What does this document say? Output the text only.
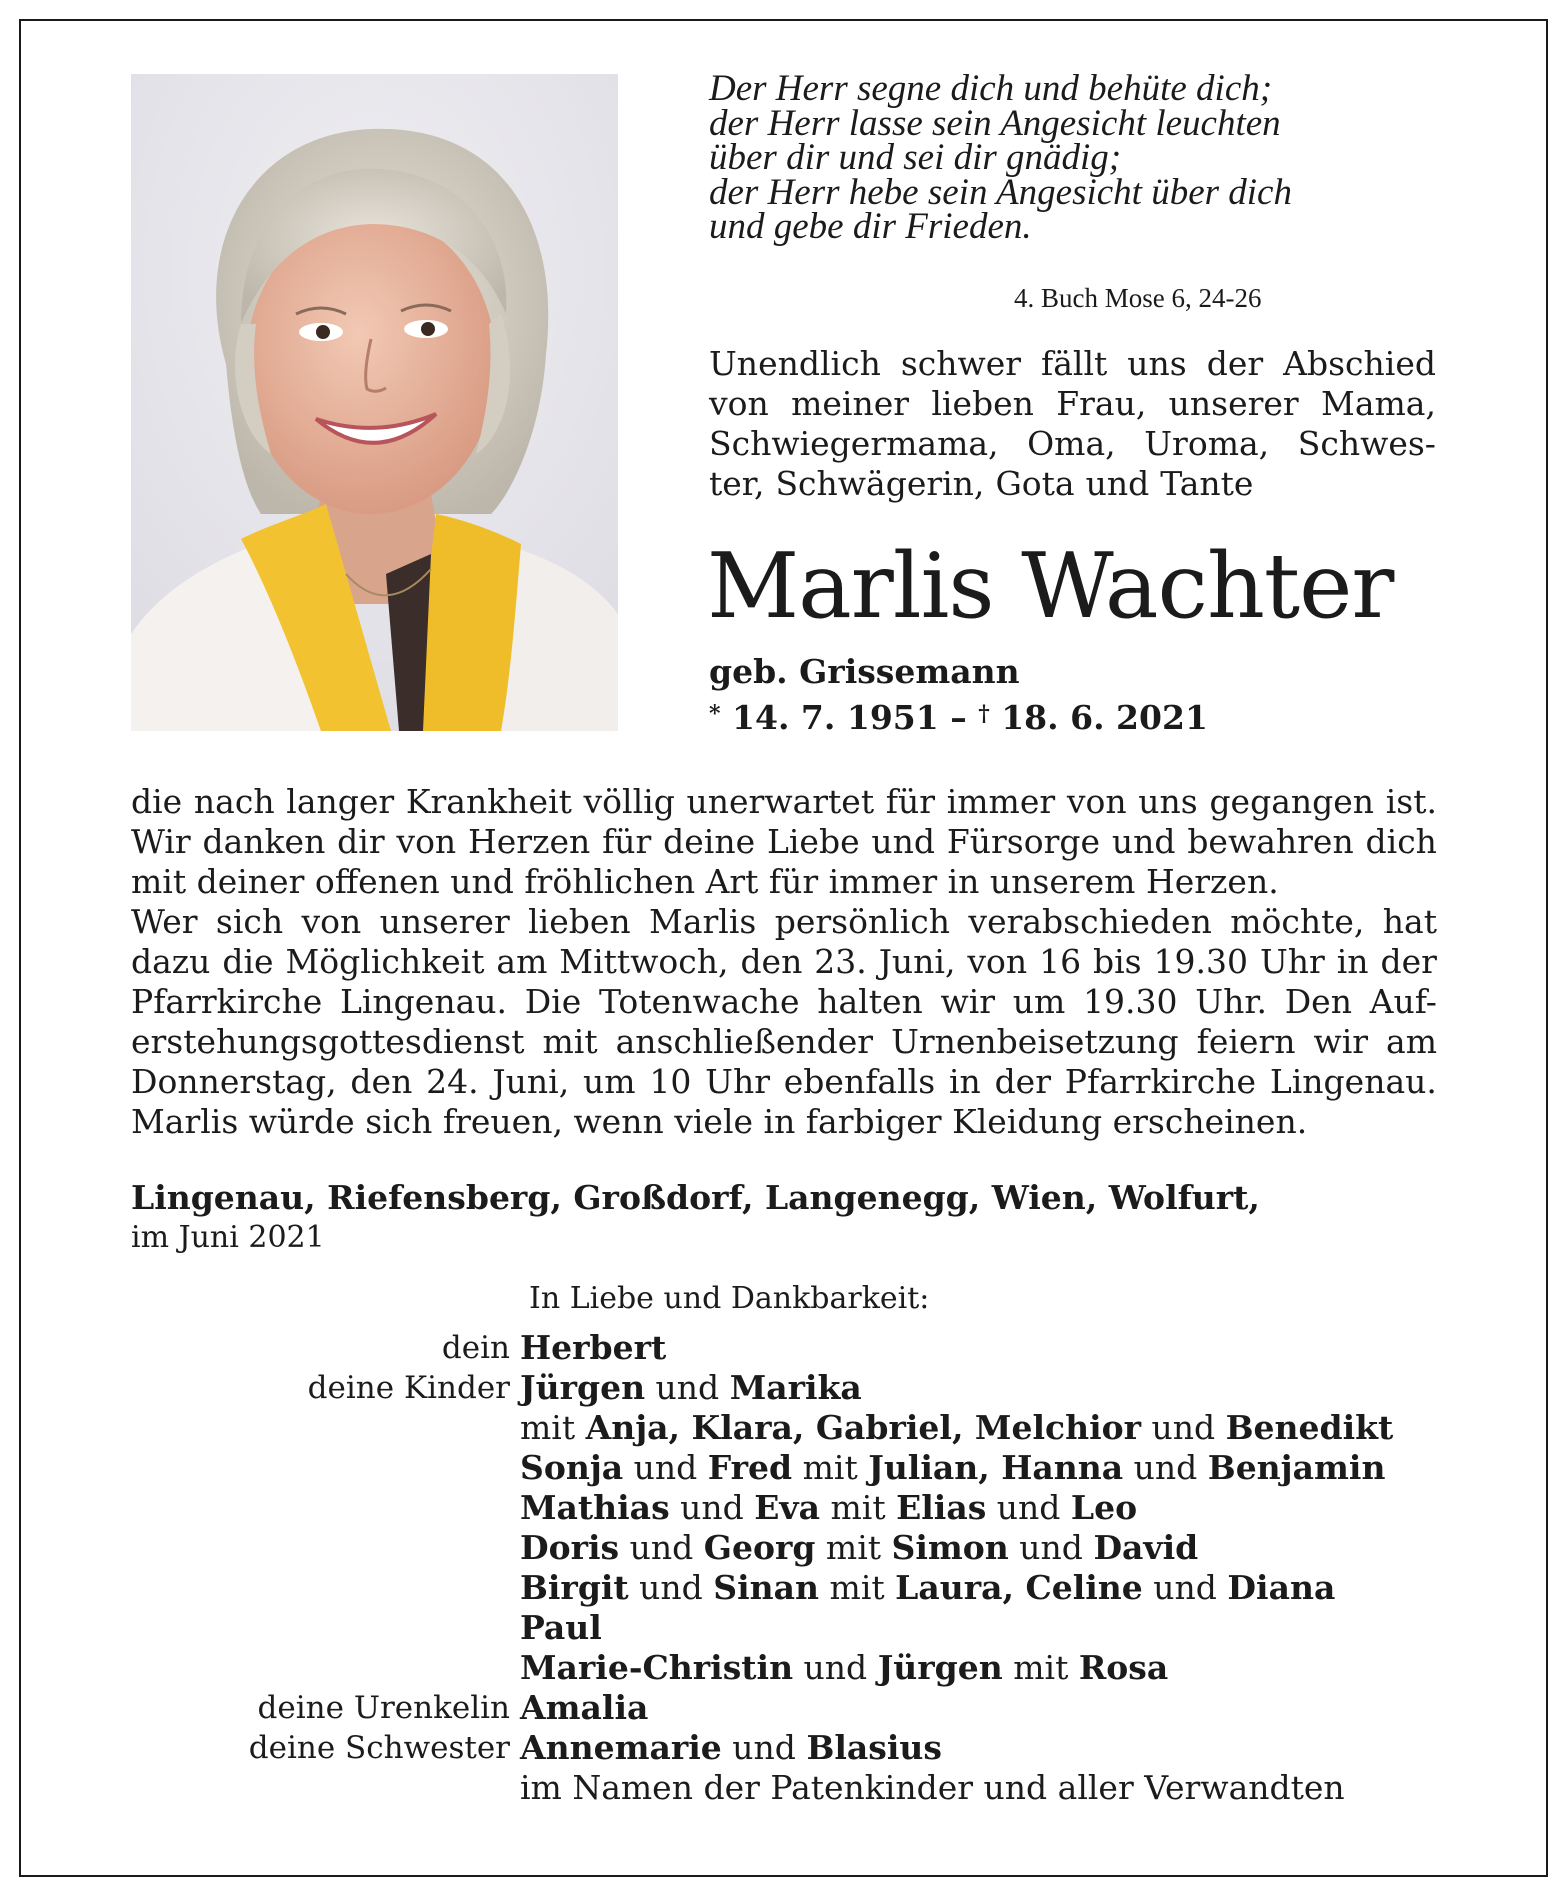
Der Herr segne dich und behüte dich;
der Herr lasse sein Angesicht leuchten
über dir und sei dir gnädig;
der Herr hebe sein Angesicht über dich
und gebe dir Frieden.
4. Buch Mose 6, 24-26
Unendlich schwer fällt uns der Abschied
von meiner lieben Frau, unserer Mama,
Schwiegermama, Oma, Uroma, Schwes-
ter, Schwägerin, Gota und Tante
Marlis Wachter
geb. Grissemann
* 14. 7. 1951 – † 18. 6. 2021
die nach langer Krankheit völlig unerwartet für immer von uns gegangen ist.
Wir danken dir von Herzen für deine Liebe und Fürsorge und bewahren dich
mit deiner offenen und fröhlichen Art für immer in unserem Herzen.
Wer sich von unserer lieben Marlis persönlich verabschieden möchte, hat
dazu die Möglichkeit am Mittwoch, den 23. Juni, von 16 bis 19.30 Uhr in der
Pfarrkirche Lingenau. Die Totenwache halten wir um 19.30 Uhr. Den Auf-
erstehungsgottesdienst mit anschließender Urnenbeisetzung feiern wir am
Donnerstag, den 24. Juni, um 10 Uhr ebenfalls in der Pfarrkirche Lingenau.
Marlis würde sich freuen, wenn viele in farbiger Kleidung erscheinen.
Lingenau, Riefensberg, Großdorf, Langenegg, Wien, Wolfurt,
im Juni 2021
In Liebe und Dankbarkeit:
dein Herbert
deine Kinder Jürgen und Marika
mit Anja, Klara, Gabriel, Melchior und Benedikt
Sonja und Fred mit Julian, Hanna und Benjamin
Mathias und Eva mit Elias und Leo
Doris und Georg mit Simon und David
Birgit und Sinan mit Laura, Celine und Diana
Paul
Marie-Christin und Jürgen mit Rosa
deine Urenkelin Amalia
deine Schwester Annemarie und Blasius
im Namen der Patenkinder und aller Verwandten
